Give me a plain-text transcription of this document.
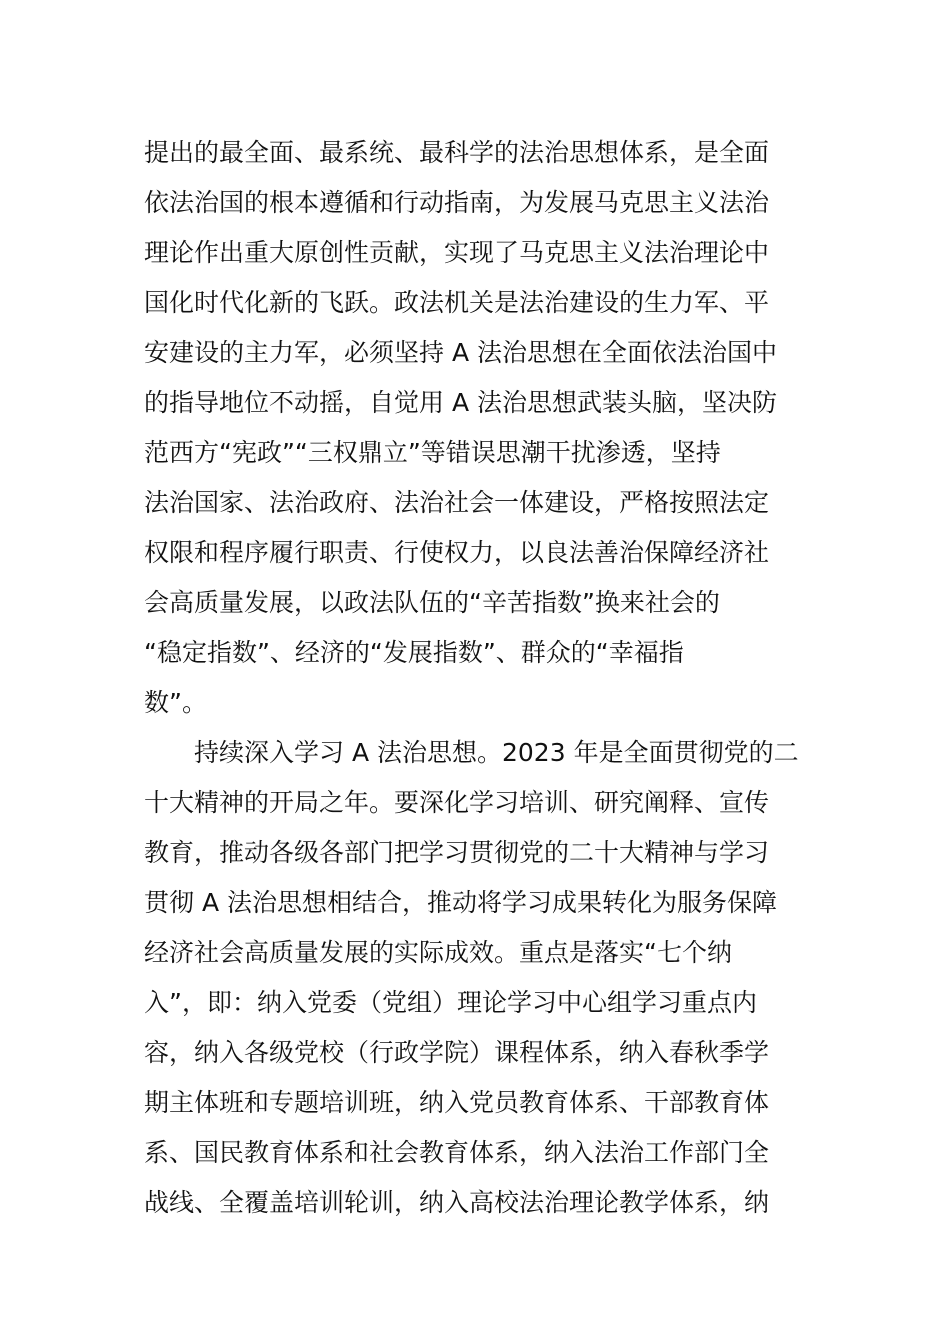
提出的最全面、最系统、最科学的法治思想体系，是全面
依法治国的根本遵循和行动指南，为发展马克思主义法治
理论作出重大原创性贡献，实现了马克思主义法治理论中
国化时代化新的飞跃。政法机关是法治建设的生力军、平
安建设的主力军，必须坚持 A 法治思想在全面依法治国中
的指导地位不动摇，自觉用 A 法治思想武装头脑，坚决防
范西方“宪政”“三权鼎立”等错误思潮干扰渗透，坚持
法治国家、法治政府、法治社会一体建设，严格按照法定
权限和程序履行职责、行使权力，以良法善治保障经济社
会高质量发展，以政法队伍的“辛苦指数”换来社会的
“稳定指数”、经济的“发展指数”、群众的“幸福指
数”。
　　持续深入学习 A 法治思想。2023 年是全面贯彻党的二
十大精神的开局之年。要深化学习培训、研究阐释、宣传
教育，推动各级各部门把学习贯彻党的二十大精神与学习
贯彻 A 法治思想相结合，推动将学习成果转化为服务保障
经济社会高质量发展的实际成效。重点是落实“七个纳
入”，即：纳入党委（党组）理论学习中心组学习重点内
容，纳入各级党校（行政学院）课程体系，纳入春秋季学
期主体班和专题培训班，纳入党员教育体系、干部教育体
系、国民教育体系和社会教育体系，纳入法治工作部门全
战线、全覆盖培训轮训，纳入高校法治理论教学体系，纳
